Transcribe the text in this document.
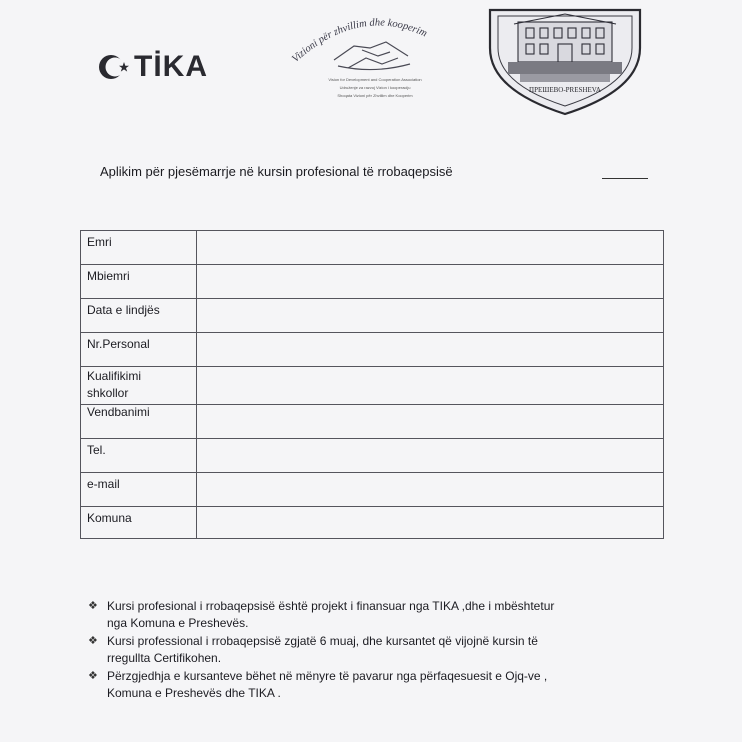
TİKA	Vizioni për zhvillim dhe kooperim
Vision for Development and Cooperation Association
Udruženje za razvoj Vizion i kooperaciju
Shoqata Vizioni për Zhvillim dhe Kooperim
ПРЕШЕВО-PRESHEVA
Aplikim për pjesëmarrje në kursin profesional të rrobaqepsisë
Emri	
Mbiemri	
Data e lindjës	
Nr.Personal	

Kualifikimi
shkollor	

Vendbanimi	
Tel.	
e-mail	
Komuna	
❖ Kursi profesional i rrobaqepsisë është projekt i finansuar nga TIKA ,dhe i mbështetur
nga Komuna e Preshevës.
❖ Kursi professional i rrobaqepsisë zgjatë 6 muaj, dhe kursantet që vijojnë kursin të
rregullta Certifikohen.
❖ Përzgjedhja e kursanteve bëhet në mënyre të pavarur nga përfaqesuesit e Ojq-ve ,
Komuna e Preshevës dhe TIKA .
